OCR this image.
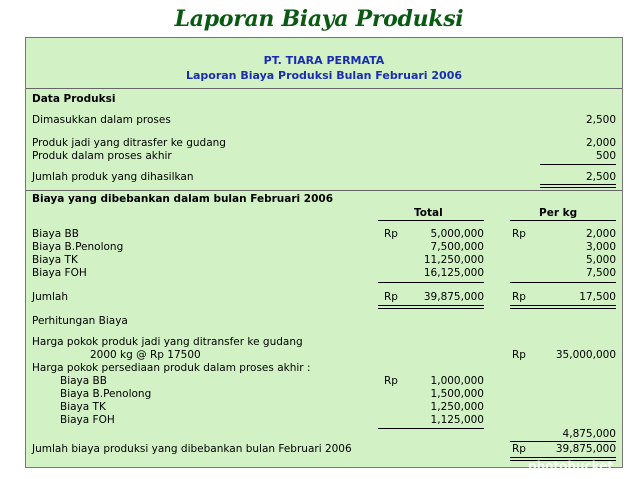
Laporan Biaya Produksi
PT. TIARA PERMATA
Laporan Biaya Produksi Bulan Februari 2006
Data Produksi
Dimasukkan dalam proses	2,500
Produk jadi yang ditrasfer ke gudang	2,000
Produk dalam proses akhir	500
Jumlah produk yang dihasilkan	2,500
Biaya yang dibebankan dalam bulan Februari 2006
Total	Per kg
Rp	Rp
Biaya BB	5,000,000	2,000
Biaya B.Penolong	7,500,000	3,000
Biaya TK	11,250,000	5,000
Biaya FOH	16,125,000	7,500
Jumlah	Rp	39,875,000	Rp	17,500
Perhitungan Biaya
Harga pokok produk jadi yang ditransfer ke gudang
2000 kg @ Rp 17500	Rp	35,000,000
Harga pokok persediaan produk dalam proses akhir :
Rp
Biaya BB	1,000,000
Biaya B.Penolong	1,500,000
Biaya TK	1,250,000
Biaya FOH	1,125,000
4,875,000
Jumlah biaya produksi yang dibebankan bulan Februari 2006	Rp	39,875,000
photobucket
